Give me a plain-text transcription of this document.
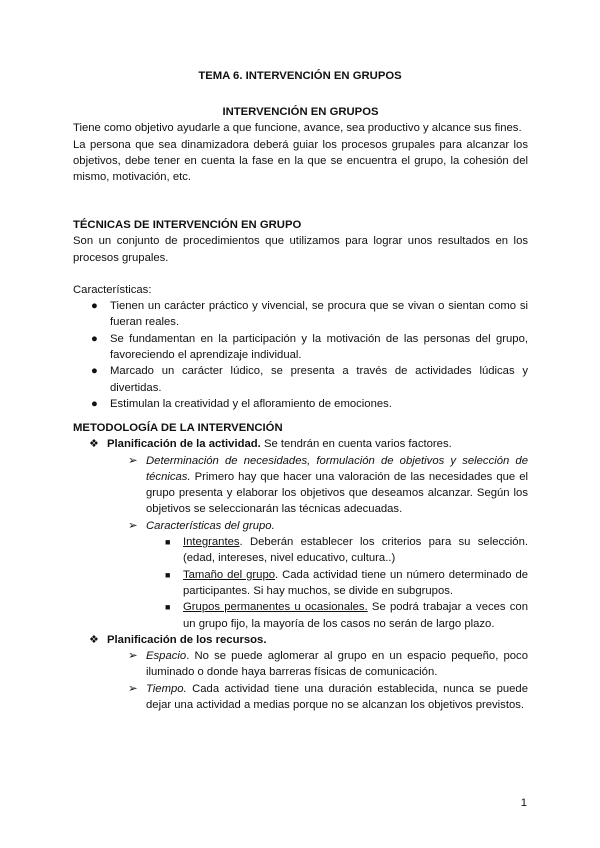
TEMA 6. INTERVENCIÓN EN GRUPOS

INTERVENCIÓN EN GRUPOS

Tiene como objetivo ayudarle a que funcione, avance, sea productivo y alcance sus fines.

La persona que sea dinamizadora deberá guiar los procesos grupales para alcanzar los objetivos, debe tener en cuenta la fase en la que se encuentra el grupo, la cohesión del mismo, motivación, etc.

TÉCNICAS DE INTERVENCIÓN EN GRUPO

Son un conjunto de procedimientos que utilizamos para lograr unos resultados en los procesos grupales.

Características:

● Tienen un carácter práctico y vivencial, se procura que se vivan o sientan como si fueran reales.
● Se fundamentan en la participación y la motivación de las personas del grupo, favoreciendo el aprendizaje individual.
● Marcado un carácter lúdico, se presenta a través de actividades lúdicas y divertidas.
● Estimulan la creatividad y el afloramiento de emociones.

METODOLOGÍA DE LA INTERVENCIÓN

❖ Planificación de la actividad. Se tendrán en cuenta varios factores.
➢ Determinación de necesidades, formulación de objetivos y selección de técnicas. Primero hay que hacer una valoración de las necesidades que el grupo presenta y elaborar los objetivos que deseamos alcanzar. Según los objetivos se seleccionarán las técnicas adecuadas.
➢ Características del grupo.
■ Integrantes. Deberán establecer los criterios para su selección. (edad, intereses, nivel educativo, cultura..)
■ Tamaño del grupo. Cada actividad tiene un número determinado de participantes. Si hay muchos, se divide en subgrupos.
■ Grupos permanentes u ocasionales. Se podrá trabajar a veces con un grupo fijo, la mayoría de los casos no serán de largo plazo.
❖ Planificación de los recursos.
➢ Espacio. No se puede aglomerar al grupo en un espacio pequeño, poco iluminado o donde haya barreras físicas de comunicación.
➢ Tiempo. Cada actividad tiene una duración establecida, nunca se puede dejar una actividad a medias porque no se alcanzan los objetivos previstos.
1
